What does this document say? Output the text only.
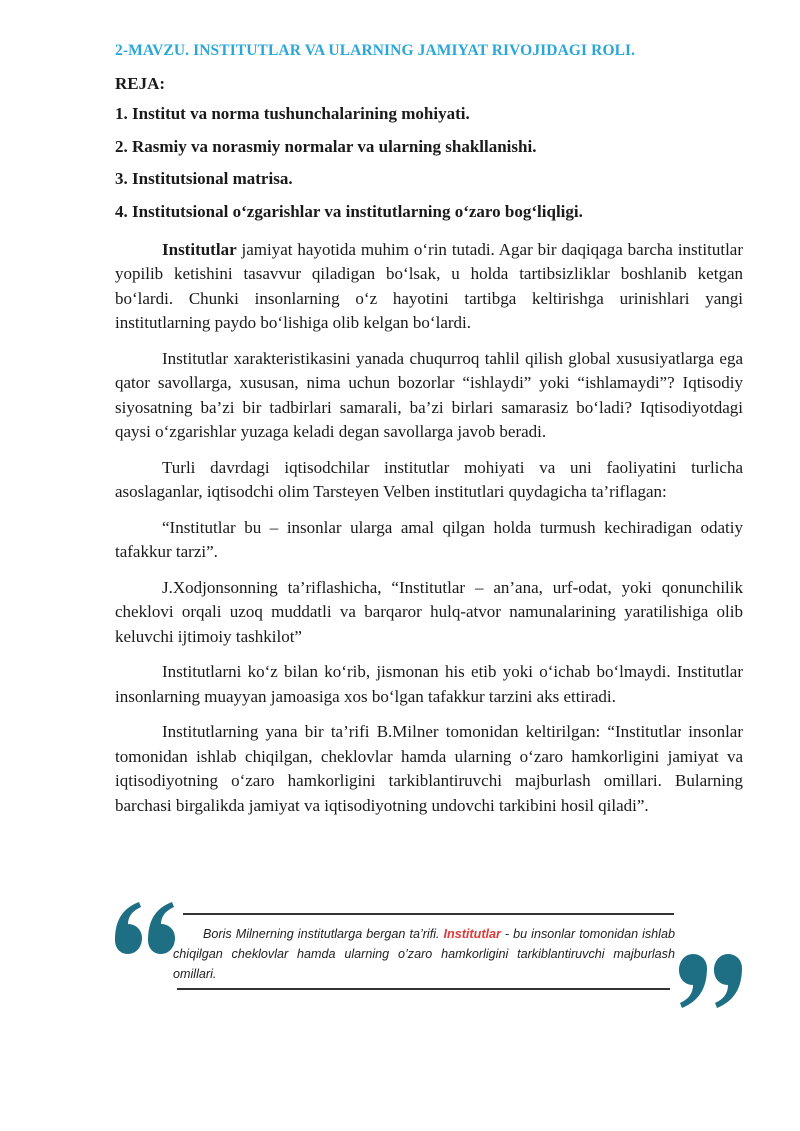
2-MAVZU. INSTITUTLAR VA ULARNING JAMIYAT RIVOJIDAGI ROLI.
REJA:
1. Institut va norma tushunchalarining mohiyati.
2. Rasmiy va norasmiy normalar va ularning shakllanishi.
3. Institutsional matrisa.
4. Institutsional o‘zgarishlar va institutlarning o‘zaro bog‘liqligi.

Institutlar jamiyat hayotida muhim o‘rin tutadi. Agar bir daqiqaga barcha institutlar yopilib ketishini tasavvur qiladigan bo‘lsak, u holda tartibsizliklar boshlanib ketgan bo‘lardi. Chunki insonlarning o‘z hayotini tartibga keltirishga urinishlari yangi institutlarning paydo bo‘lishiga olib kelgan bo‘lardi.

Institutlar xarakteristikasini yanada chuqurroq tahlil qilish global xususiyatlarga ega qator savollarga, xususan, nima uchun bozorlar “ishlaydi” yoki “ishlamaydi”? Iqtisodiy siyosatning ba’zi bir tadbirlari samarali, ba’zi birlari samarasiz bo‘ladi? Iqtisodiyotdagi qaysi o‘zgarishlar yuzaga keladi degan savollarga javob beradi.

Turli davrdagi iqtisodchilar institutlar mohiyati va uni faoliyatini turlicha asoslaganlar, iqtisodchi olim Tarsteyen Velben institutlari quydagicha ta’riflagan:

“Institutlar bu – insonlar ularga amal qilgan holda turmush kechiradigan odatiy tafakkur tarzi”.

J.Xodjonsonning ta’riflashicha, “Institutlar – an’ana, urf-odat, yoki qonunchilik cheklovi orqali uzoq muddatli va barqaror hulq-atvor namunalarining yaratilishiga olib keluvchi ijtimoiy tashkilot”

Institutlarni ko‘z bilan ko‘rib, jismonan his etib yoki o‘ichab bo‘lmaydi. Institutlar insonlarning muayyan jamoasiga xos bo‘lgan tafakkur tarzini aks ettiradi.

Institutlarning yana bir ta’rifi B.Milner tomonidan keltirilgan: “Institutlar insonlar tomonidan ishlab chiqilgan, cheklovlar hamda ularning o‘zaro hamkorligini jamiyat va iqtisodiyotning o‘zaro hamkorligini tarkiblantiruvchi majburlash omillari. Bularning barchasi birgalikda jamiyat va iqtisodiyotning undovchi tarkibini hosil qiladi”.

Boris Milnerning institutlarga bergan ta’rifi. Institutlar - bu insonlar tomonidan ishlab chiqilgan cheklovlar hamda ularning o’zaro hamkorligini tarkiblantiruvchi majburlash omillari.
